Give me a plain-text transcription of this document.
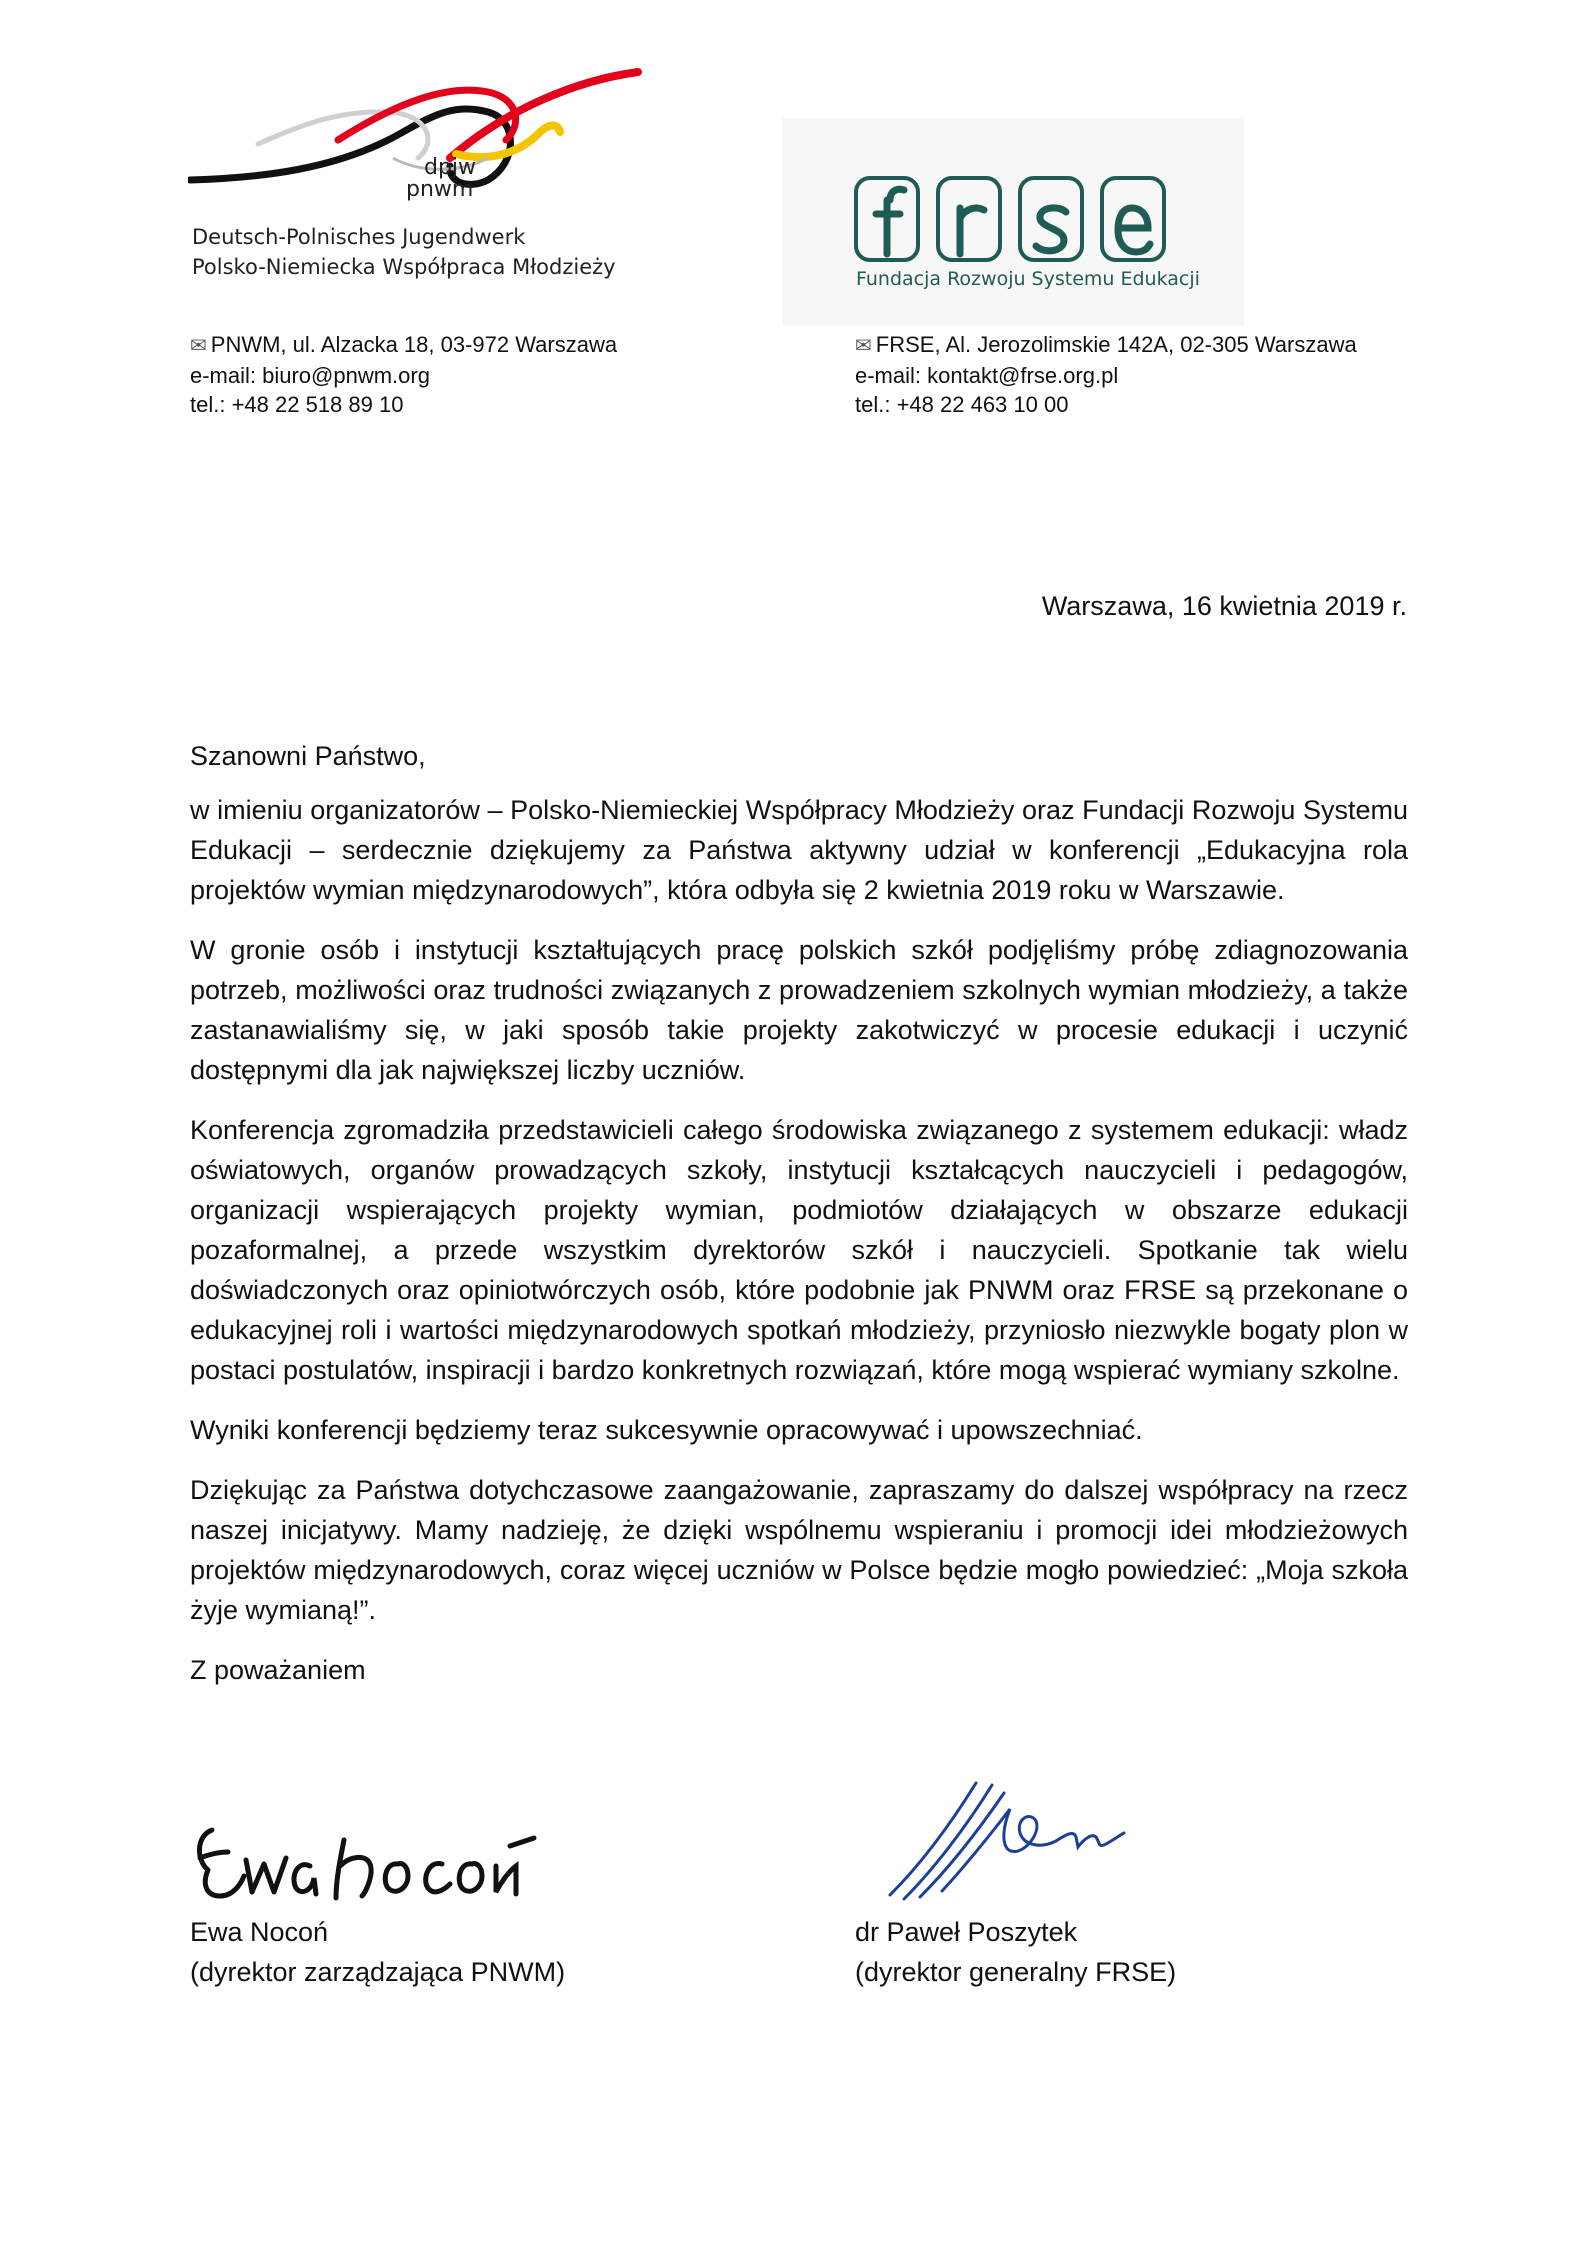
dpjw
pnwm
Deutsch-Polnisches Jugendwerk
Polsko-Niemiecka Współpraca Młodzieży	Fundacja Rozwoju Systemu Edukacji
✉ PNWM, ul. Alzacka 18, 03-972 Warszawa
e-mail: biuro@pnwm.org
tel.: +48 22 518 89 10
✉ FRSE, Al. Jerozolimskie 142A, 02-305 Warszawa
e-mail: kontakt@frse.org.pl
tel.: +48 22 463 10 00
Warszawa, 16 kwietnia 2019 r.
Szanowni Państwo,

w imieniu organizatorów – Polsko-Niemieckiej Współpracy Młodzieży oraz Fundacji Rozwoju Systemu Edukacji – serdecznie dziękujemy za Państwa aktywny udział w konferencji „Edukacyjna rola projektów wymian międzynarodowych”, która odbyła się 2 kwietnia 2019 roku w Warszawie.

W gronie osób i instytucji kształtujących pracę polskich szkół podjęliśmy próbę zdiagnozowania potrzeb, możliwości oraz trudności związanych z prowadzeniem szkolnych wymian młodzieży, a także zastanawialiśmy się, w jaki sposób takie projekty zakotwiczyć w procesie edukacji i uczynić dostępnymi dla jak największej liczby uczniów.

Konferencja zgromadziła przedstawicieli całego środowiska związanego z systemem edukacji: władz oświatowych, organów prowadzących szkoły, instytucji kształcących nauczycieli i pedagogów, organizacji wspierających projekty wymian, podmiotów działających w obszarze edukacji pozaformalnej, a przede wszystkim dyrektorów szkół i nauczycieli. Spotkanie tak wielu doświadczonych oraz opiniotwórczych osób, które podobnie jak PNWM oraz FRSE są przekonane o edukacyjnej roli i wartości międzynarodowych spotkań młodzieży, przyniosło niezwykle bogaty plon w postaci postulatów, inspiracji i bardzo konkretnych rozwiązań, które mogą wspierać wymiany szkolne.

Wyniki konferencji będziemy teraz sukcesywnie opracowywać i upowszechniać.

Dziękując za Państwa dotychczasowe zaangażowanie, zapraszamy do dalszej współpracy na rzecz naszej inicjatywy. Mamy nadzieję, że dzięki wspólnemu wspieraniu i promocji idei młodzieżowych projektów międzynarodowych, coraz więcej uczniów w Polsce będzie mogło powiedzieć: „Moja szkoła żyje wymianą!”.

Z poważaniem

Ewa Nocoń
(dyrektor zarządzająca PNWM)
dr Paweł Poszytek
(dyrektor generalny FRSE)
